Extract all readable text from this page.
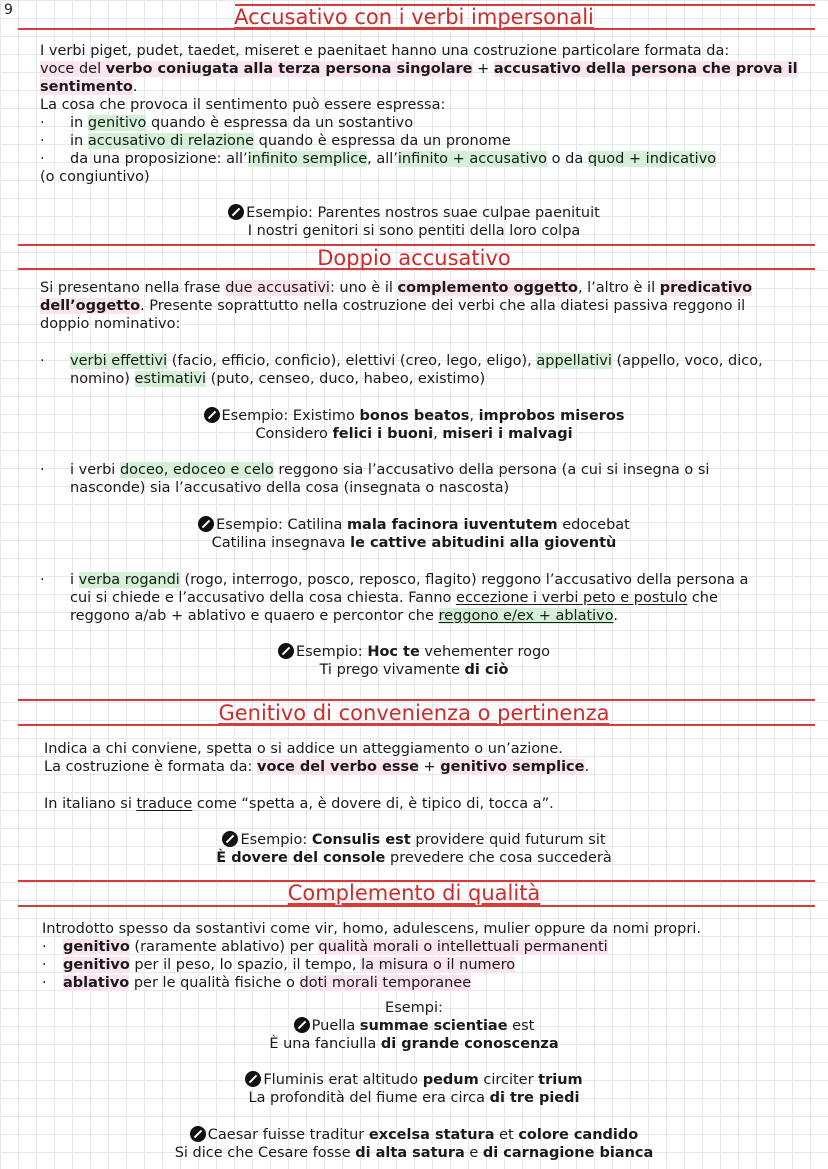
9	Accusativo con i verbi impersonali
I verbi piget, pudet, taedet, miseret e paenitaet hanno una costruzione particolare formata da:
voce del verbo coniugata alla terza persona singolare + accusativo della persona che prova il
sentimento.
La cosa che provoca il sentimento può essere espressa:
· in genitivo quando è espressa da un sostantivo
· in accusativo di relazione quando è espressa da un pronome
· da una proposizione: all’infinito semplice, all’infinito + accusativo o da quod + indicativo
(o congiuntivo)
Esempio: Parentes nostros suae culpae paenituit
I nostri genitori si sono pentiti della loro colpa
Doppio accusativo
Si presentano nella frase due accusativi: uno è il complemento oggetto, l’altro è il predicativo
dell’oggetto. Presente soprattutto nella costruzione dei verbi che alla diatesi passiva reggono il
doppio nominativo:
· verbi effettivi (facio, efficio, conficio), elettivi (creo, lego, eligo), appellativi (appello, voco, dico,
nomino) estimativi (puto, censeo, duco, habeo, existimo)
Esempio: Existimo bonos beatos, improbos miseros
Considero felici i buoni, miseri i malvagi
· i verbi doceo, edoceo e celo reggono sia l’accusativo della persona (a cui si insegna o si
nasconde) sia l’accusativo della cosa (insegnata o nascosta)
Esempio: Catilina mala facinora iuventutem edocebat
Catilina insegnava le cattive abitudini alla gioventù
· i verba rogandi (rogo, interrogo, posco, reposco, flagito) reggono l’accusativo della persona a
cui si chiede e l’accusativo della cosa chiesta. Fanno eccezione i verbi peto e postulo che
reggono a/ab + ablativo e quaero e percontor che reggono e/ex + ablativo.
Esempio: Hoc te vehementer rogo
Ti prego vivamente di ciò
Genitivo di convenienza o pertinenza
Indica a chi conviene, spetta o si addice un atteggiamento o un’azione.
La costruzione è formata da: voce del verbo esse + genitivo semplice.
In italiano si traduce come “spetta a, è dovere di, è tipico di, tocca a”.
Esempio: Consulis est providere quid futurum sit
È dovere del console prevedere che cosa succederà
Complemento di qualità
Introdotto spesso da sostantivi come vir, homo, adulescens, mulier oppure da nomi propri.
· genitivo (raramente ablativo) per qualità morali o intellettuali permanenti
· genitivo per il peso, lo spazio, il tempo, la misura o il numero
· ablativo per le qualità fisiche o doti morali temporanee
Esempi:
Puella summae scientiae est
È una fanciulla di grande conoscenza
Fluminis erat altitudo pedum circiter trium
La profondità del fiume era circa di tre piedi
Caesar fuisse traditur excelsa statura et colore candido
Si dice che Cesare fosse di alta satura e di carnagione bianca
